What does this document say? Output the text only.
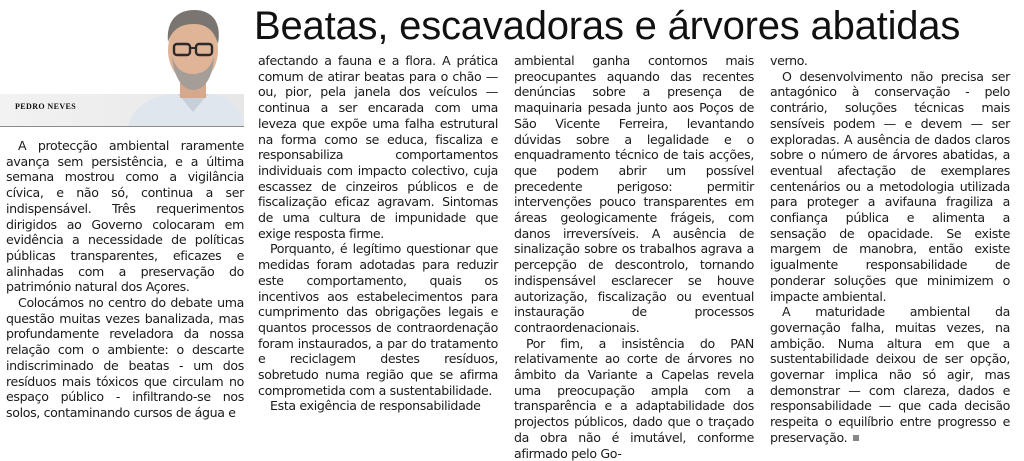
PEDRO NEVES
Beatas, escavadoras e árvores abatidas

A protecção ambiental raramente avança sem persistência, e a última semana mostrou como a vigilância cívica, e não só, continua a ser indispensável. Três requerimentos dirigidos ao Governo colocaram em evidência a necessidade de políticas públicas transparentes, eficazes e alinhadas com a preservação do património natural dos Açores.

Colocámos no centro do debate uma questão muitas vezes banalizada, mas profundamente reveladora da nossa relação com o ambiente: o descarte indiscriminado de beatas - um dos resíduos mais tóxicos que circulam no espaço público - infiltrando-se nos solos, contaminando cursos de água e

afectando a fauna e a flora. A prática comum de atirar beatas para o chão — ou, pior, pela janela dos veículos — continua a ser encarada com uma leveza que expõe uma falha estrutural na forma como se educa, fiscaliza e responsabiliza comportamentos individuais com impacto colectivo, cuja escassez de cinzeiros públicos e de fiscalização eficaz agravam. Sintomas de uma cultura de impunidade que exige resposta firme.

Porquanto, é legítimo questionar que medidas foram adotadas para reduzir este comportamento, quais os incentivos aos estabelecimentos para cumprimento das obrigações legais e quantos processos de contraordenação foram instaurados, a par do tratamento e reciclagem destes resíduos, sobretudo numa região que se afirma comprometida com a sustentabilidade.

Esta exigência de responsabilidade

ambiental ganha contornos mais preocupantes aquando das recentes denúncias sobre a presença de maquinaria pesada junto aos Poços de São Vicente Ferreira, levantando dúvidas sobre a legalidade e o enquadramento técnico de tais acções, que podem abrir um possível precedente perigoso: permitir intervenções pouco transparentes em áreas geologicamente frágeis, com danos irreversíveis. A ausência de sinalização sobre os trabalhos agrava a percepção de descontrolo, tornando indispensável esclarecer se houve autorização, fiscalização ou eventual instauração de processos contraordenacionais.

Por fim, a insistência do PAN relativamente ao corte de árvores no âmbito da Variante a Capelas revela uma preocupação ampla com a transparência e a adaptabilidade dos projectos públicos, dado que o traçado da obra não é imutável, conforme afirmado pelo Go-

verno.

O desenvolvimento não precisa ser antagónico à conservação - pelo contrário, soluções técnicas mais sensíveis podem — e devem — ser exploradas. A ausência de dados claros sobre o número de árvores abatidas, a eventual afectação de exemplares centenários ou a metodologia utilizada para proteger a avifauna fragiliza a confiança pública e alimenta a sensação de opacidade. Se existe margem de manobra, então existe igualmente responsabilidade de ponderar soluções que minimizem o impacte ambiental.

A maturidade ambiental da governação falha, muitas vezes, na ambição. Numa altura em que a sustentabilidade deixou de ser opção, governar implica não só agir, mas demonstrar — com clareza, dados e responsabilidade — que cada decisão respeita o equilíbrio entre progresso e preservação.
